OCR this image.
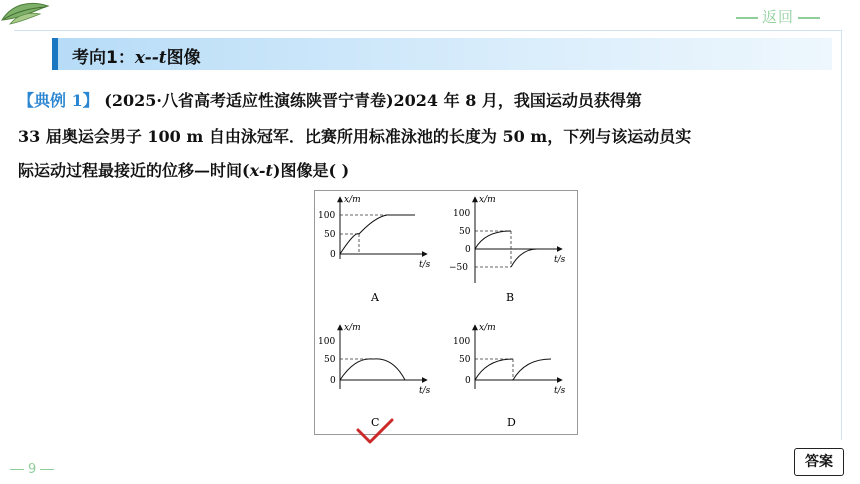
返回
考向1：x--t图像
【典例 1】 (2025·八省高考适应性演练陕晋宁青卷)2024 年 8 月，我国运动员获得第
33 届奥运会男子 100 m 自由泳冠军．比赛所用标准泳池的长度为 50 m，下列与该运动员实
际运动过程最接近的位移—时间(x-t)图像是( )
x/m
t/s
100
50
0
A
x/m
t/s
100
50
0
−50
B
x/m
t/s
100
50
0
C
x/m
t/s
100
50
0
D
9	答案
